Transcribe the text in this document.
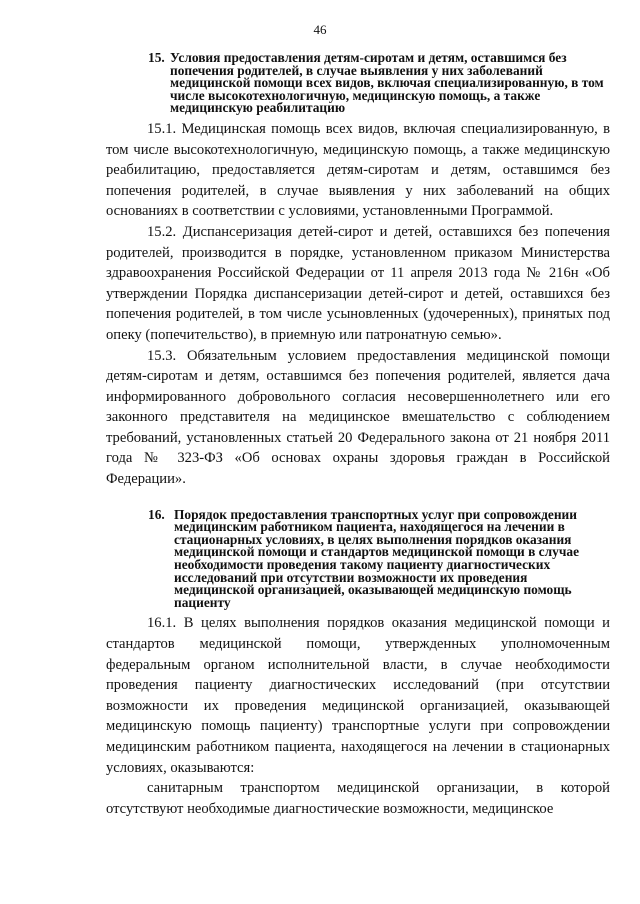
46
15. Условия предоставления детям-сиротам и детям, оставшимся без попечения родителей, в случае выявления у них заболеваний медицинской помощи всех видов, включая специализированную, в том числе высокотехнологичную, медицинскую помощь, а также медицинскую реабилитацию

15.1. Медицинская помощь всех видов, включая специализированную, в том числе высокотехнологичную, медицинскую помощь, а также медицинскую реабилитацию, предоставляется детям-сиротам и детям, оставшимся без попечения родителей, в случае выявления у них заболеваний на общих основаниях в соответствии с условиями, установленными Программой.

15.2. Диспансеризация детей-сирот и детей, оставшихся без попечения родителей, производится в порядке, установленном приказом Министерства здравоохранения Российской Федерации от 11 апреля 2013 года № 216н «Об утверждении Порядка диспансеризации детей-сирот и детей, оставшихся без попечения родителей, в том числе усыновленных (удочеренных), принятых под опеку (попечительство), в приемную или патронатную семью».

15.3. Обязательным условием предоставления медицинской помощи детям-сиротам и детям, оставшимся без попечения родителей, является дача информированного добровольного согласия несовершеннолетнего или его законного представителя на медицинское вмешательство с соблюдением требований, установленных статьей 20 Федерального закона от 21 ноября 2011 года № 323-ФЗ «Об основах охраны здоровья граждан в Российской Федерации».

16. Порядок предоставления транспортных услуг при сопровождении медицинским работником пациента, находящегося на лечении в стационарных условиях, в целях выполнения порядков оказания медицинской помощи и стандартов медицинской помощи в случае необходимости проведения такому пациенту диагностических исследований при отсутствии возможности их проведения медицинской организацией, оказывающей медицинскую помощь пациенту

16.1. В целях выполнения порядков оказания медицинской помощи и стандартов медицинской помощи, утвержденных уполномоченным федеральным органом исполнительной власти, в случае необходимости проведения пациенту диагностических исследований (при отсутствии возможности их проведения медицинской организацией, оказывающей медицинскую помощь пациенту) транспортные услуги при сопровождении медицинским работником пациента, находящегося на лечении в стационарных условиях, оказываются:

санитарным транспортом медицинской организации, в которой отсутствуют необходимые диагностические возможности, медицинское
